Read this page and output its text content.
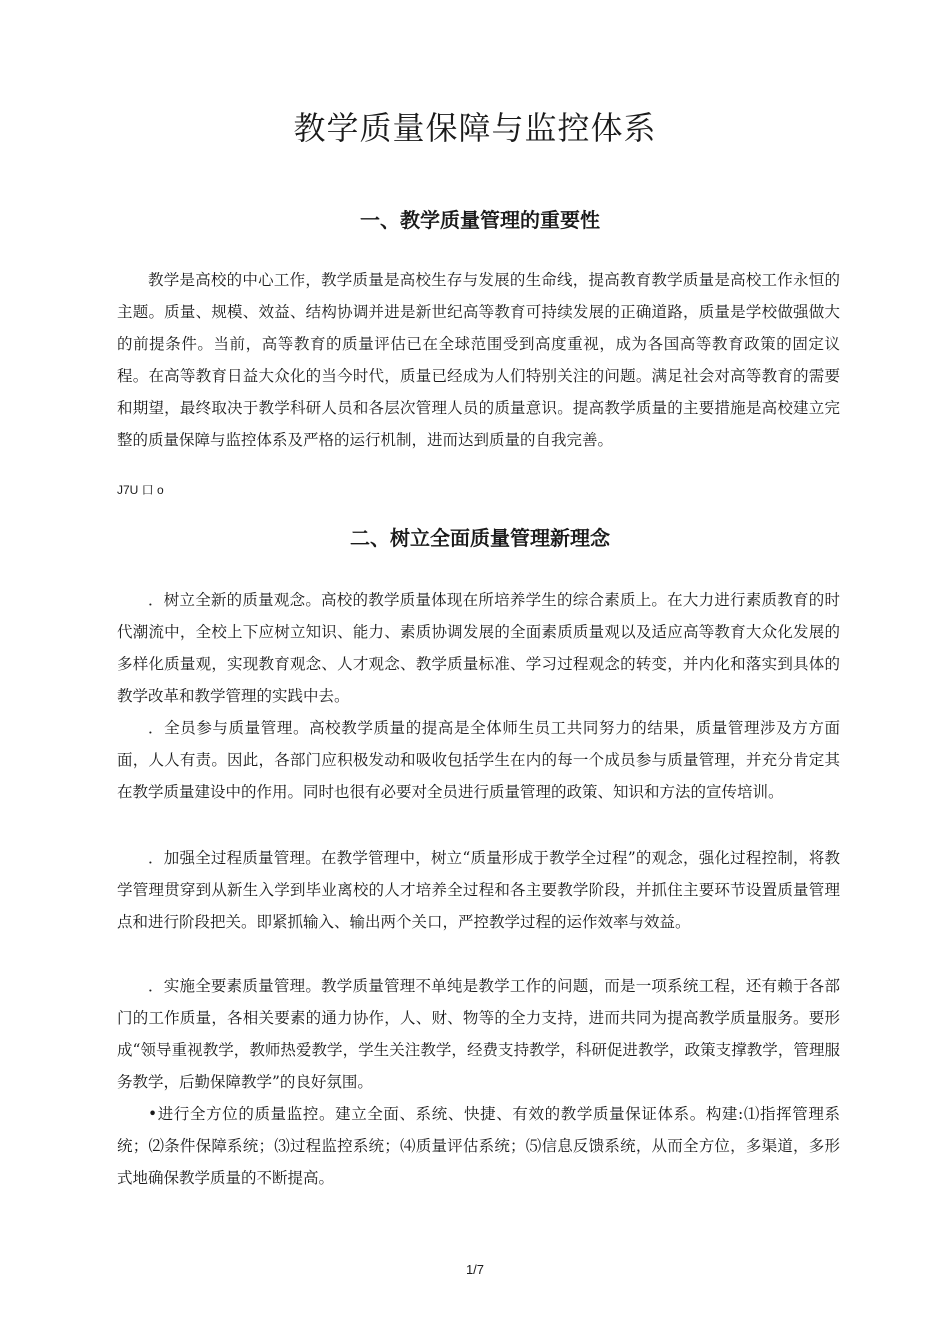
教学质量保障与监控体系
一、教学质量管理的重要性

教学是高校的中心工作，教学质量是高校生存与发展的生命线，提高教育教学质量是高校工作永恒的主题。质量、规模、效益、结构协调并进是新世纪高等教育可持续发展的正确道路，质量是学校做强做大的前提条件。当前，高等教育的质量评估已在全球范围受到高度重视，成为各国高等教育政策的固定议程。在高等教育日益大众化的当今时代，质量已经成为人们特别关注的问题。满足社会对高等教育的需要和期望，最终取决于教学科研人员和各层次管理人员的质量意识。提高教学质量的主要措施是高校建立完整的质量保障与监控体系及严格的运行机制，进而达到质量的自我完善。

J7U 口 o

二、树立全面质量管理新理念

．树立全新的质量观念。高校的教学质量体现在所培养学生的综合素质上。在大力进行素质教育的时代潮流中，全校上下应树立知识、能力、素质协调发展的全面素质质量观以及适应高等教育大众化发展的多样化质量观，实现教育观念、人才观念、教学质量标准、学习过程观念的转变，并内化和落实到具体的教学改革和教学管理的实践中去。

．全员参与质量管理。高校教学质量的提高是全体师生员工共同努力的结果，质量管理涉及方方面面，人人有责。因此，各部门应积极发动和吸收包括学生在内的每一个成员参与质量管理，并充分肯定其在教学质量建设中的作用。同时也很有必要对全员进行质量管理的政策、知识和方法的宣传培训。

．加强全过程质量管理。在教学管理中，树立“质量形成于教学全过程”的观念，强化过程控制，将教学管理贯穿到从新生入学到毕业离校的人才培养全过程和各主要教学阶段，并抓住主要环节设置质量管理点和进行阶段把关。即紧抓输入、输出两个关口，严控教学过程的运作效率与效益。

．实施全要素质量管理。教学质量管理不单纯是教学工作的问题，而是一项系统工程，还有赖于各部门的工作质量，各相关要素的通力协作，人、财、物等的全力支持，进而共同为提高教学质量服务。要形成“领导重视教学，教师热爱教学，学生关注教学，经费支持教学，科研促进教学，政策支撑教学，管理服务教学，后勤保障教学”的良好氛围。

•进行全方位的质量监控。建立全面、系统、快捷、有效的教学质量保证体系。构建:⑴指挥管理系统；⑵条件保障系统；⑶过程监控系统；⑷质量评估系统；⑸信息反馈系统，从而全方位，多渠道，多形式地确保教学质量的不断提高。

1/7
